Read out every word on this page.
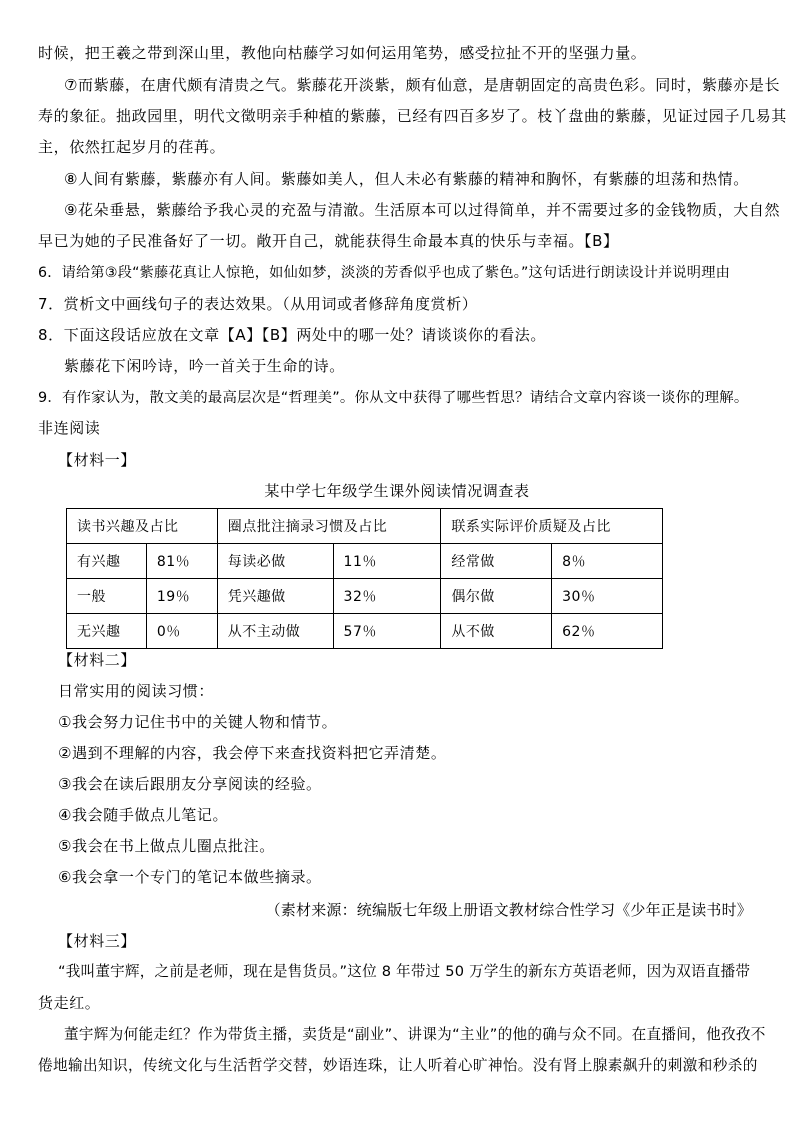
时候，把王羲之带到深山里，教他向枯藤学习如何运用笔势，感受拉扯不开的坚强力量。
⑦而紫藤，在唐代颇有清贵之气。紫藤花开淡紫，颇有仙意，是唐朝固定的高贵色彩。同时，紫藤亦是长
寿的象征。拙政园里，明代文徵明亲手种植的紫藤，已经有四百多岁了。枝丫盘曲的紫藤，见证过园子几易其
主，依然扛起岁月的荏苒。
⑧人间有紫藤，紫藤亦有人间。紫藤如美人，但人未必有紫藤的精神和胸怀，有紫藤的坦荡和热情。
⑨花朵垂悬，紫藤给予我心灵的充盈与清澈。生活原本可以过得简单，并不需要过多的金钱物质，大自然
早已为她的子民准备好了一切。敞开自己，就能获得生命最本真的快乐与幸福。【B】
6．请给第③段“紫藤花真让人惊艳，如仙如梦，淡淡的芳香似乎也成了紫色。”这句话进行朗读设计并说明理由
7．赏析文中画线句子的表达效果。（从用词或者修辞角度赏析）
8．下面这段话应放在文章【A】【B】两处中的哪一处？请谈谈你的看法。
紫藤花下闲吟诗，吟一首关于生命的诗。
9．有作家认为，散文美的最高层次是“哲理美”。你从文中获得了哪些哲思？请结合文章内容谈一谈你的理解。
非连阅读
【材料一】
某中学七年级学生课外阅读情况调查表
读书兴趣及占比		圈点批注摘录习惯及占比		联系实际评价质疑及占比	
有兴趣	81％	每读必做	11％	经常做	8％
一般	19％	凭兴趣做	32％	偶尔做	30％
无兴趣	0％	从不主动做	57％	从不做	62％
【材料二】
日常实用的阅读习惯：
①我会努力记住书中的关键人物和情节。
②遇到不理解的内容，我会停下来查找资料把它弄清楚。
③我会在读后跟朋友分享阅读的经验。
④我会随手做点儿笔记。
⑤我会在书上做点儿圈点批注。
⑥我会拿一个专门的笔记本做些摘录。
（素材来源：统编版七年级上册语文教材综合性学习《少年正是读书时》
【材料三】
“我叫董宇辉，之前是老师，现在是售货员。”这位 8 年带过 50 万学生的新东方英语老师，因为双语直播带
货走红。
董宇辉为何能走红？作为带货主播，卖货是“副业”、讲课为“主业”的他的确与众不同。在直播间，他孜孜不
倦地输出知识，传统文化与生活哲学交替，妙语连珠，让人听着心旷神怡。没有肾上腺素飙升的刺激和秒杀的
